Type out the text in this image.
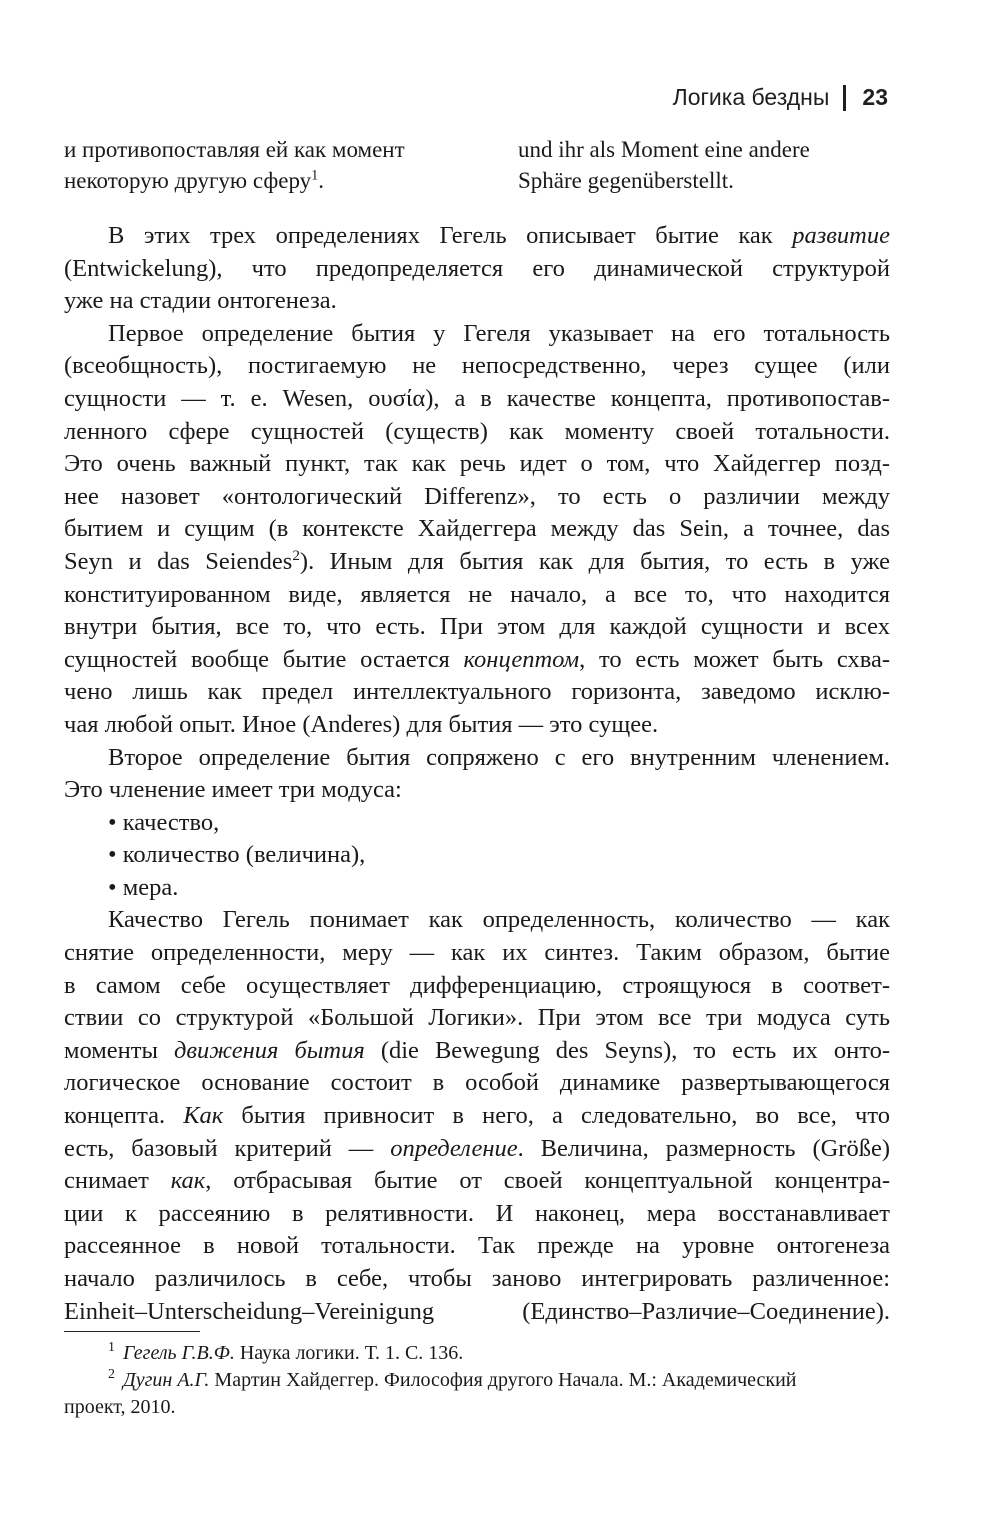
Логика бездны 23
и противопоставляя ей как момент
некоторую другую сферу$^1$.
und ihr als Moment eine andere
Sphäre gegenüberstellt.
В этих трех определениях Гегель описывает бытие как развитие
(Entwickelung), что предопределяется его динамической структурой
уже на стадии онтогенеза.
Первое определение бытия у Гегеля указывает на его тотальность
(всеобщность), постигаемую не непосредственно, через сущее (или
сущности — т. е. Wesen, ουσία), а в качестве концепта, противопостав-
ленного сфере сущностей (существ) как моменту своей тотальности.
Это очень важный пункт, так как речь идет о том, что Хайдеггер позд-
нее назовет «онтологический Differenz», то есть о различии между
бытием и сущим (в контексте Хайдеггера между das Sein, а точнее, das
Seyn и das Seiendes$^2$). Иным для бытия как для бытия, то есть в уже
конституированном виде, является не начало, а все то, что находится
внутри бытия, все то, что есть. При этом для каждой сущности и всех
сущностей вообще бытие остается концептом, то есть может быть схва-
чено лишь как предел интеллектуального горизонта, заведомо исклю-
чая любой опыт. Иное (Anderes) для бытия — это сущее.
Второе определение бытия сопряжено с его внутренним членением.
Это членение имеет три модуса:
• качество,
• количество (величина),
• мера.
Качество Гегель понимает как определенность, количество — как
снятие определенности, меру — как их синтез. Таким образом, бытие
в самом себе осуществляет дифференциацию, строящуюся в соответ-
ствии со структурой «Большой Логики». При этом все три модуса суть
моменты движения бытия (die Bewegung des Seyns), то есть их онто-
логическое основание состоит в особой динамике развертывающегося
концепта. Как бытия привносит в него, а следовательно, во все, что
есть, базовый критерий — определение. Величина, размерность (Größe)
снимает как, отбрасывая бытие от своей концептуальной концентра-
ции к рассеянию в релятивности. И наконец, мера восстанавливает
рассеянное в новой тотальности. Так прежде на уровне онтогенеза
начало различилось в себе, чтобы заново интегрировать различенное:
Einheit–Unterscheidung–Vereinigung (Единство–Различие–Соединение).
$^1$ Гегель Г.В.Ф. Наука логики. Т. 1. С. 136.
$^2$ Дугин А.Г. Мартин Хайдеггер. Философия другого Начала. М.: Академический
проект, 2010.
